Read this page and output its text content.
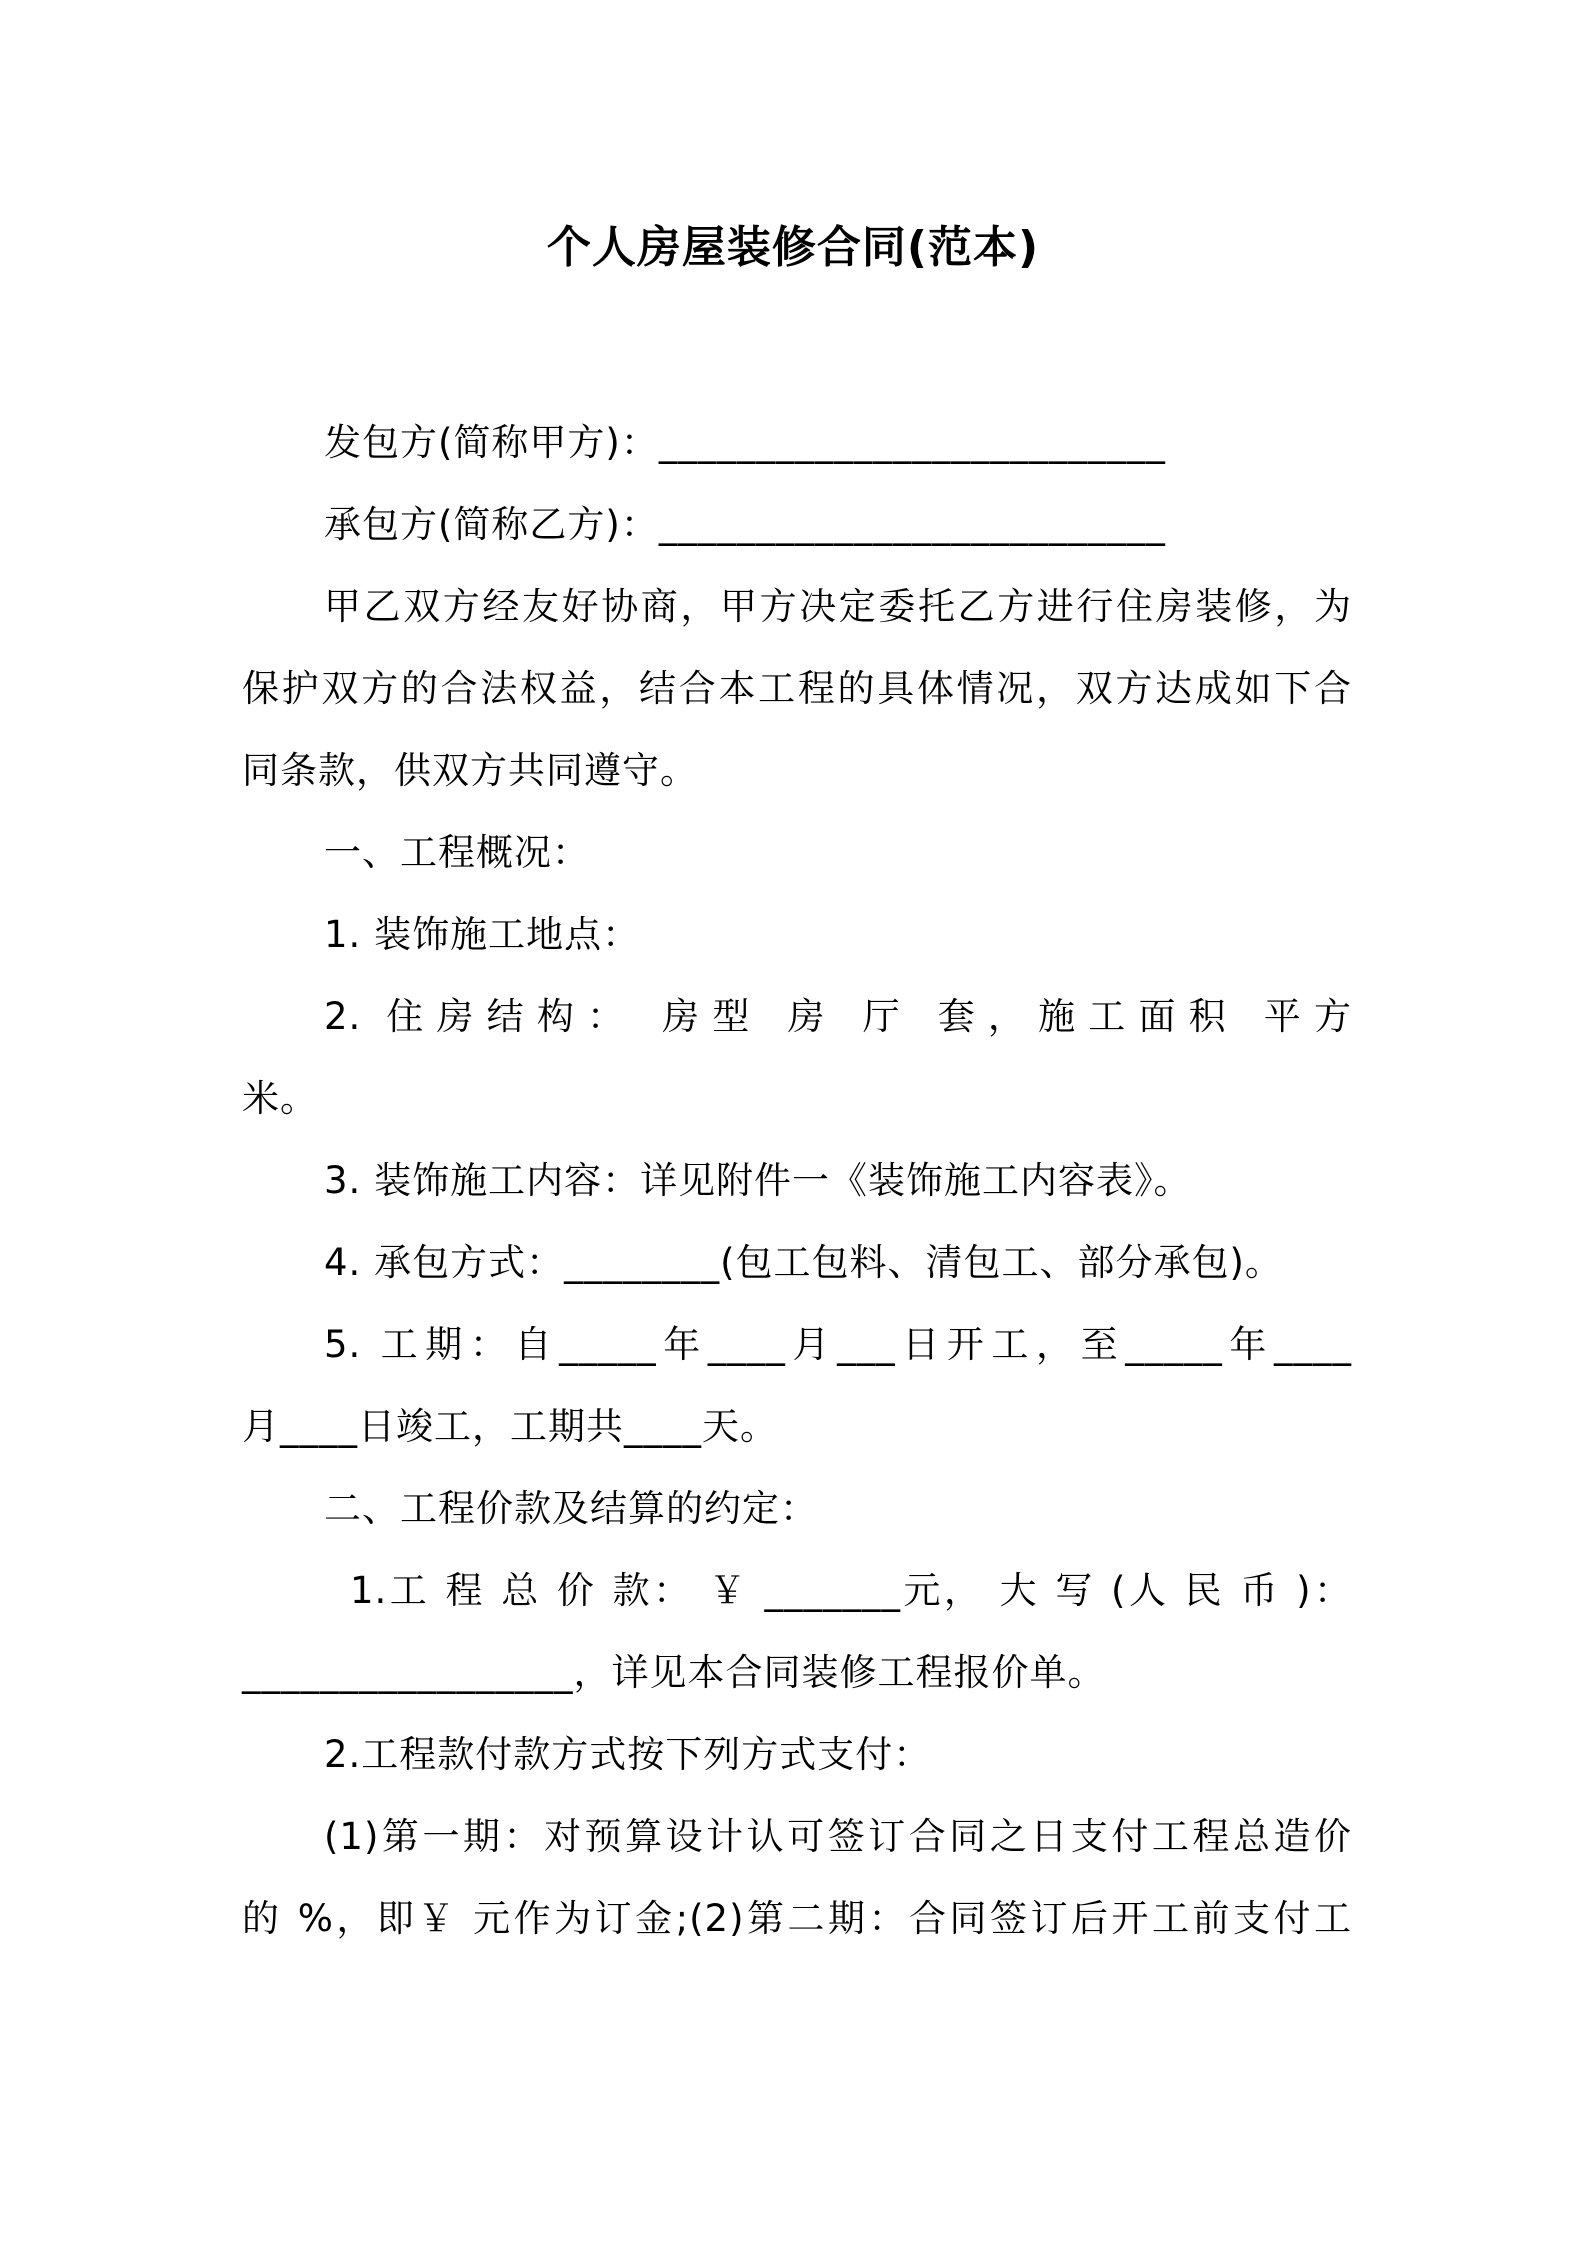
个人房屋装修合同(范本)
发包方(简称甲方)：__________________________
承包方(简称乙方)：__________________________
甲乙双方经友好协商，甲方决定委托乙方进行住房装修，为
保护双方的合法权益，结合本工程的具体情况，双方达成如下合
同条款，供双方共同遵守。
一、工程概况：
1. 装饰施工地点：
2. 住房结构： 房型 房 厅 套，施工面积 平方
米。
3. 装饰施工内容：详见附件一《装饰施工内容表》。
4. 承包方式：________(包工包料、清包工、部分承包)。
5. 工期：自_____年____月___日开工，至_____年____
月____日竣工，工期共____天。
二、工程价款及结算的约定：
1.工 程 总 价 款： ￥ _______元， 大 写 (人 民 币 )：
_________________，详见本合同装修工程报价单。
2.工程款付款方式按下列方式支付：
(1)第一期：对预算设计认可签订合同之日支付工程总造价
的 %，即￥ 元作为订金;(2)第二期：合同签订后开工前支付工
